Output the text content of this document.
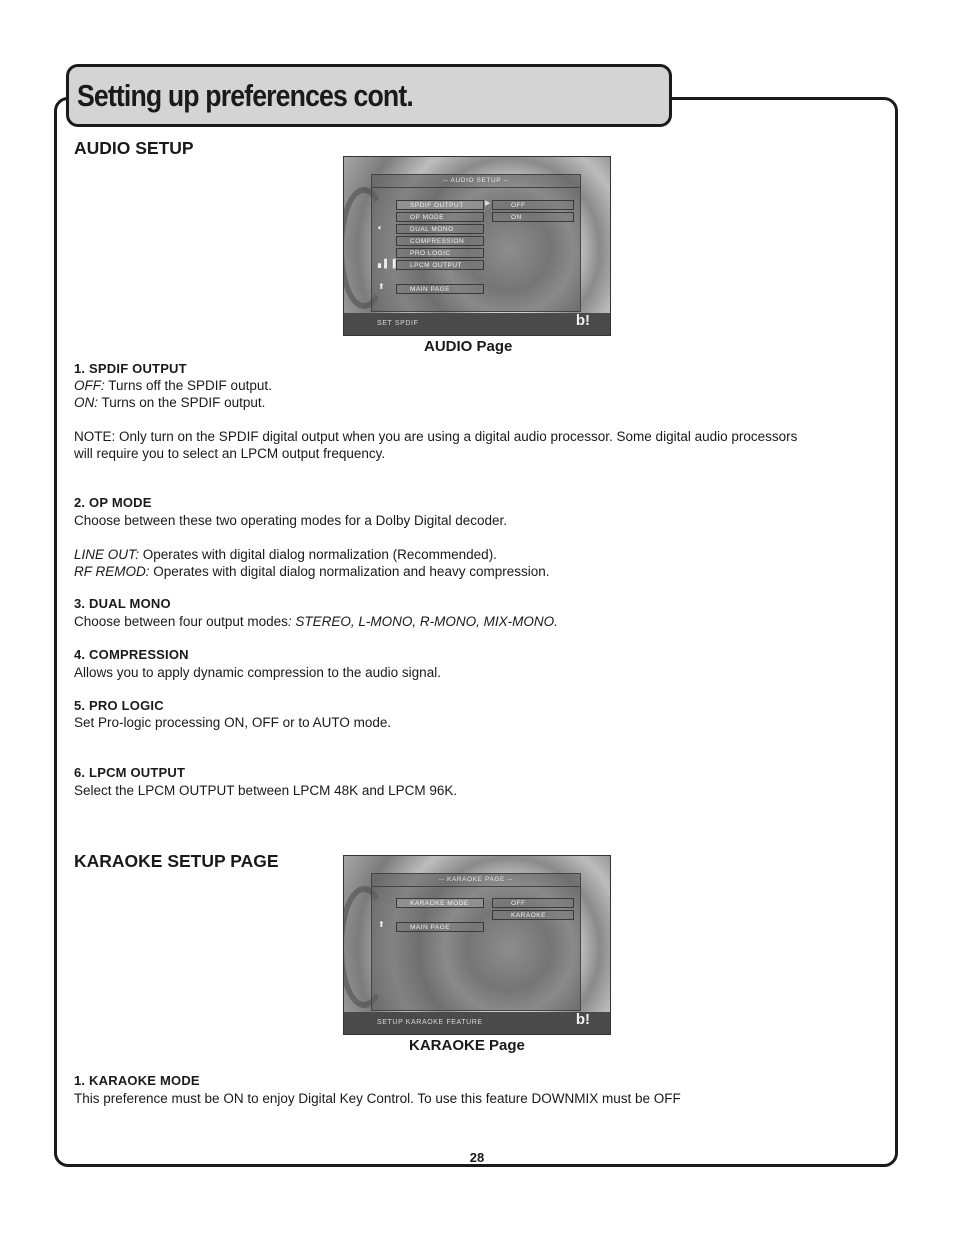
Setting up preferences cont.
AUDIO SETUP
-- AUDIO SETUP --
SPDIF OUTPUT	▶	OFF
ON
OP MODE
🔈︎	DUAL MONO
COMPRESSION
PRO LOGIC
▖▌▐	LPCM OUTPUT
⬆︎	MAIN PAGE
SET SPDIF	b!

AUDIO Page

1. SPDIF OUTPUT

OFF: Turns off the SPDIF output.

ON: Turns on the SPDIF output.

NOTE: Only turn on the SPDIF digital output when you are using a digital audio processor. Some digital audio processors

will require you to select an LPCM output frequency.

2. OP MODE

Choose between these two operating modes for a Dolby Digital decoder.

LINE OUT: Operates with digital dialog normalization (Recommended).

RF REMOD: Operates with digital dialog normalization and heavy compression.

3. DUAL MONO

Choose between four output modes: STEREO, L-MONO, R-MONO, MIX-MONO.

4. COMPRESSION

Allows you to apply dynamic compression to the audio signal.

5. PRO LOGIC

Set Pro-logic processing ON, OFF or to AUTO mode.

6. LPCM OUTPUT

Select the LPCM OUTPUT between LPCM 48K and LPCM 96K.

KARAOKE SETUP PAGE
-- KARAOKE PAGE --
KARAOKE MODE	OFF
KARAOKE
⬆︎	MAIN PAGE
SETUP KARAOKE FEATURE	b!

KARAOKE Page

1. KARAOKE MODE

This preference must be ON to enjoy Digital Key Control. To use this feature DOWNMIX must be OFF

28
